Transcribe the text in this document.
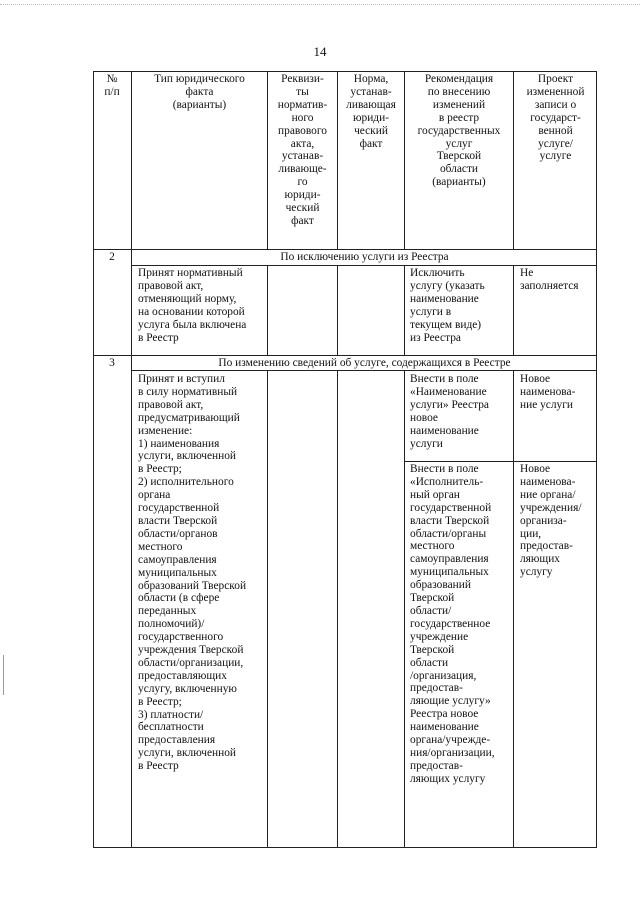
14
№
п/п
Тип юридического
факта
(варианты)
Реквизи-
ты
норматив-
ного
правового
акта,
устанав-
ливающе-
го
юриди-
ческий
факт
Норма,
устанав-
ливающая
юриди-
ческий
факт
Рекомендация
по внесению
изменений
в реестр
государственных
услуг
Тверской
области
(варианты)
Проект
измененной
записи о
государст-
венной
услуге/
услуге
2	По исключению услуги из Реестра
Принят нормативный
правовой акт,
отменяющий норму,
на основании которой
услуга была включена
в Реестр
Исключить
услугу (указать
наименование
услуги в
текущем виде)
из Реестра
Не
заполняется
3	По изменению сведений об услуге, содержащихся в Реестре
Принят и вступил
в силу нормативный
правовой акт,
предусматривающий
изменение:
1) наименования
услуги, включенной
в Реестр;
2) исполнительного
органа
государственной
власти Тверской
области/органов
местного
самоуправления
муниципальных
образований Тверской
области (в сфере
переданных
полномочий)/
государственного
учреждения Тверской
области/организации,
предоставляющих
услугу, включенную
в Реестр;
3) платности/
бесплатности
предоставления
услуги, включенной
в Реестр
Внести в поле
«Наименование
услуги» Реестра
новое
наименование
услуги
Новое
наименова-
ние услуги
Внести в поле
«Исполнитель-
ный орган
государственной
власти Тверской
области/органы
местного
самоуправления
муниципальных
образований
Тверской
области/
государственное
учреждение
Тверской
области
/организация,
предостав-
ляющие услугу»
Реестра новое
наименование
органа/учрежде-
ния/организации,
предостав-
ляющих услугу
Новое
наименова-
ние органа/
учреждения/
организа-
ции,
предостав-
ляющих
услугу
